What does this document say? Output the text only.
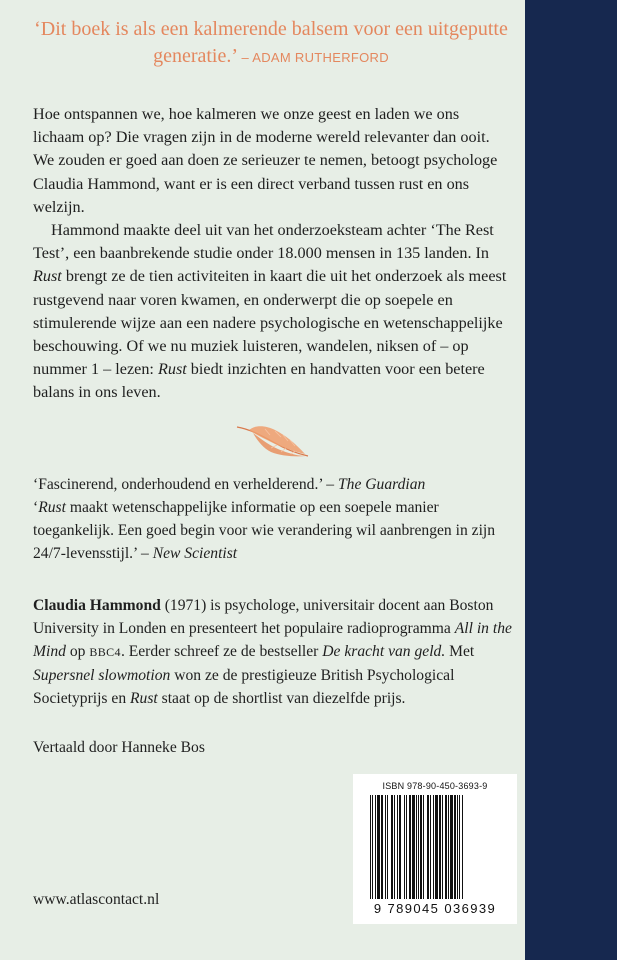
‘Dit boek is als een kalmerende balsem voor een uitgeputte generatie.’ – ADAM RUTHERFORD

Hoe ontspannen we, hoe kalmeren we onze geest en laden we ons lichaam op? Die vragen zijn in de moderne wereld relevanter dan ooit. We zouden er goed aan doen ze serieuzer te nemen, betoogt psychologe Claudia Hammond, want er is een direct verband tussen rust en ons welzijn.

Hammond maakte deel uit van het onderzoeksteam achter ‘The Rest Test’, een baanbrekende studie onder 18.000 mensen in 135 landen. In Rust brengt ze de tien activiteiten in kaart die uit het onderzoek als meest rustgevend naar voren kwamen, en onderwerpt die op soepele en stimulerende wijze aan een nadere psychologische en wetenschappelijke beschouwing. Of we nu muziek luisteren, wandelen, niksen of – op nummer 1 – lezen: Rust biedt inzichten en handvatten voor een betere balans in ons leven.

‘Fascinerend, onderhoudend en verhelderend.’ – The Guardian

‘Rust maakt wetenschappelijke informatie op een soepele manier toegankelijk. Een goed begin voor wie verandering wil aanbrengen in zijn 24/7-levensstijl.’ – New Scientist

Claudia Hammond (1971) is psychologe, universitair docent aan Boston University in Londen en presenteert het populaire radioprogramma All in the Mind op BBC4. Eerder schreef ze de bestseller De kracht van geld. Met Supersnel slowmotion won ze de prestigieuze British Psychological Societyprijs en Rust staat op de shortlist van diezelfde prijs.

Vertaald door Hanneke Bos

www.atlascontact.nl
ISBN 978-90-450-3693-9
9 789045 036939
